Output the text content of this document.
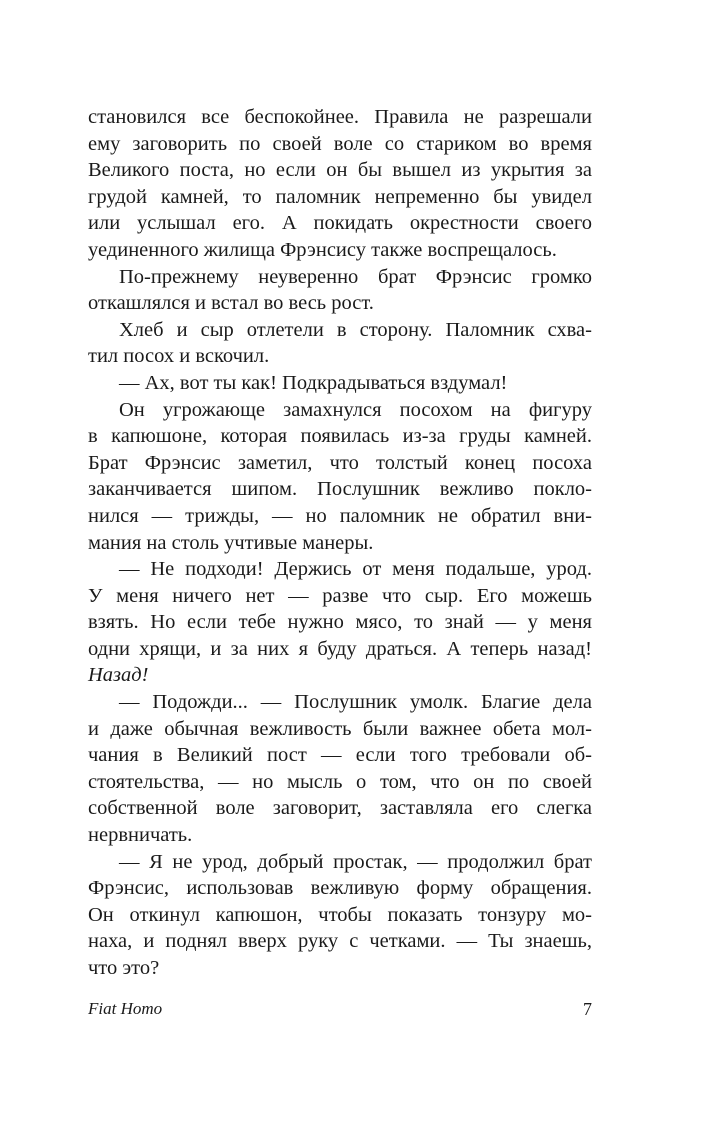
становился все беспокойнее. Правила не разрешали
ему заговорить по своей воле со стариком во время
Великого поста, но если он бы вышел из укрытия за
грудой камней, то паломник непременно бы увидел
или услышал его. А покидать окрестности своего
уединенного жилища Фрэнсису также воспрещалось.
По-прежнему неуверенно брат Фрэнсис громко
откашлялся и встал во весь рост.
Хлеб и сыр отлетели в сторону. Паломник схва-
тил посох и вскочил.
— Ах, вот ты как! Подкрадываться вздумал!
Он угрожающе замахнулся посохом на фигуру
в капюшоне, которая появилась из-за груды камней.
Брат Фрэнсис заметил, что толстый конец посоха
заканчивается шипом. Послушник вежливо покло-
нился — трижды, — но паломник не обратил вни-
мания на столь учтивые манеры.
— Не подходи! Держись от меня подальше, урод.
У меня ничего нет — разве что сыр. Его можешь
взять. Но если тебе нужно мясо, то знай — у меня
одни хрящи, и за них я буду драться. А теперь назад!
Назад!
— Подожди... — Послушник умолк. Благие дела
и даже обычная вежливость были важнее обета мол-
чания в Великий пост — если того требовали об-
стоятельства, — но мысль о том, что он по своей
собственной воле заговорит, заставляла его слегка
нервничать.
— Я не урод, добрый простак, — продолжил брат
Фрэнсис, использовав вежливую форму обращения.
Он откинул капюшон, чтобы показать тонзуру мо-
наха, и поднял вверх руку с четками. — Ты знаешь,
что это?
Fiat Homo	7
